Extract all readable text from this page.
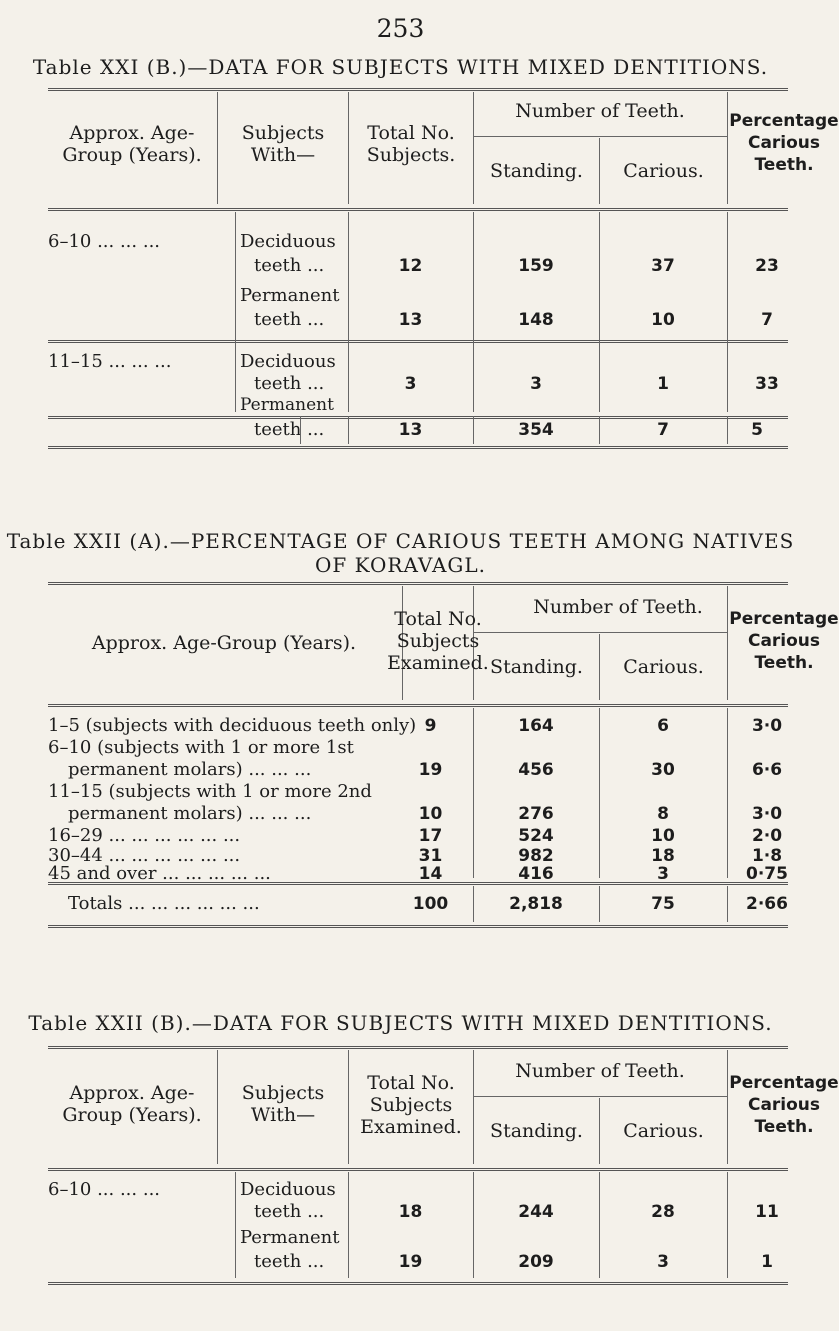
253
Table XXI (B.)—DATA FOR SUBJECTS WITH MIXED DENTITIONS.
Approx. Age-Group (Years).
Subjects With—
Total No. Subjects.
Number of Teeth.
Standing.	Carious.
Percentage Carious Teeth.
6–10 ... ... ...	Deciduous
teeth ...	12	159	37	23
Permanent
teeth ...	13	148	10	7
11–15 ... ... ...	Deciduous
teeth ...	3	3	1	33
Permanent
teeth ...	13	354	7	5
Table XXII (A).—PERCENTAGE OF CARIOUS TEETH AMONG NATIVES
OF KORAVAGL.
Approx. Age-Group (Years).
Total No. Subjects Examined.
Number of Teeth.
Standing.	Carious.
Percentage Carious Teeth.
1–5 (subjects with deciduous teeth only) 9	164	6	3·0
6–10 (subjects with 1 or more 1st
permanent molars) ... ... ...	19	456	30	6·6
11–15 (subjects with 1 or more 2nd
permanent molars) ... ... ...	10	276	8	3·0
16–29 ... ... ... ... ... ...	17	524	10	2·0
30–44 ... ... ... ... ... ...	31	982	18	1·8
45 and over ... ... ... ... ...	14	416	3	0·75
Totals ... ... ... ... ... ...	100	2,818	75	2·66
Table XXII (B).—DATA FOR SUBJECTS WITH MIXED DENTITIONS.
Approx. Age-Group (Years).
Subjects With—
Total No. Subjects Examined.
Number of Teeth.
Standing.	Carious.
Percentage Carious Teeth.
6–10 ... ... ...	Deciduous
teeth ...	18	244	28	11
Permanent
teeth ...	19	209	3	1
